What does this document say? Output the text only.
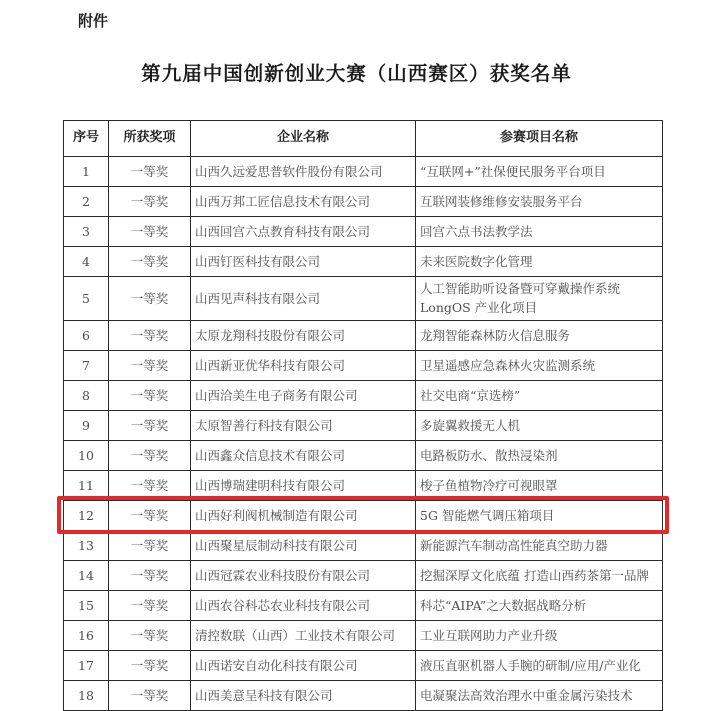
附件
第九届中国创新创业大赛（山西赛区）获奖名单
序号	所获奖项	企业名称	参赛项目名称
1	一等奖	山西久远爱思普软件股份有限公司	“互联网+”社保便民服务平台项目
2	一等奖	山西万邦工匠信息技术有限公司	互联网装修维修安装服务平台
3	一等奖	山西回宫六点教育科技有限公司	回宫六点书法教学法
4	一等奖	山西钉医科技有限公司	未来医院数字化管理
5	一等奖	山西见声科技有限公司	人工智能助听设备暨可穿戴操作系统 LongOS 产业化项目
6	一等奖	太原龙翔科技股份有限公司	龙翔智能森林防火信息服务
7	一等奖	山西新亚优华科技有限公司	卫星遥感应急森林火灾监测系统
8	一等奖	山西洽美生电子商务有限公司	社交电商“京选榜”
9	一等奖	太原智善行科技有限公司	多旋翼救援无人机
10	一等奖	山西鑫众信息技术有限公司	电路板防水、散热浸染剂
11	一等奖	山西博瑞建明科技有限公司	梭子鱼植物冷疗可视眼罩
12	一等奖	山西好利阀机械制造有限公司	5G 智能燃气调压箱项目
13	一等奖	山西聚星辰制动科技有限公司	新能源汽车制动高性能真空助力器
14	一等奖	山西冠霖农业科技股份有限公司	挖掘深厚文化底蕴 打造山西药茶第一品牌
15	一等奖	山西农谷科芯农业科技有限公司	科芯“AIPA”之大数据战略分析
16	一等奖	清控数联（山西）工业技术有限公司	工业互联网助力产业升级
17	一等奖	山西诺安自动化科技有限公司	液压直驱机器人手腕的研制/应用/产业化
18	一等奖	山西美意呈科技有限公司	电凝聚法高效治理水中重金属污染技术
